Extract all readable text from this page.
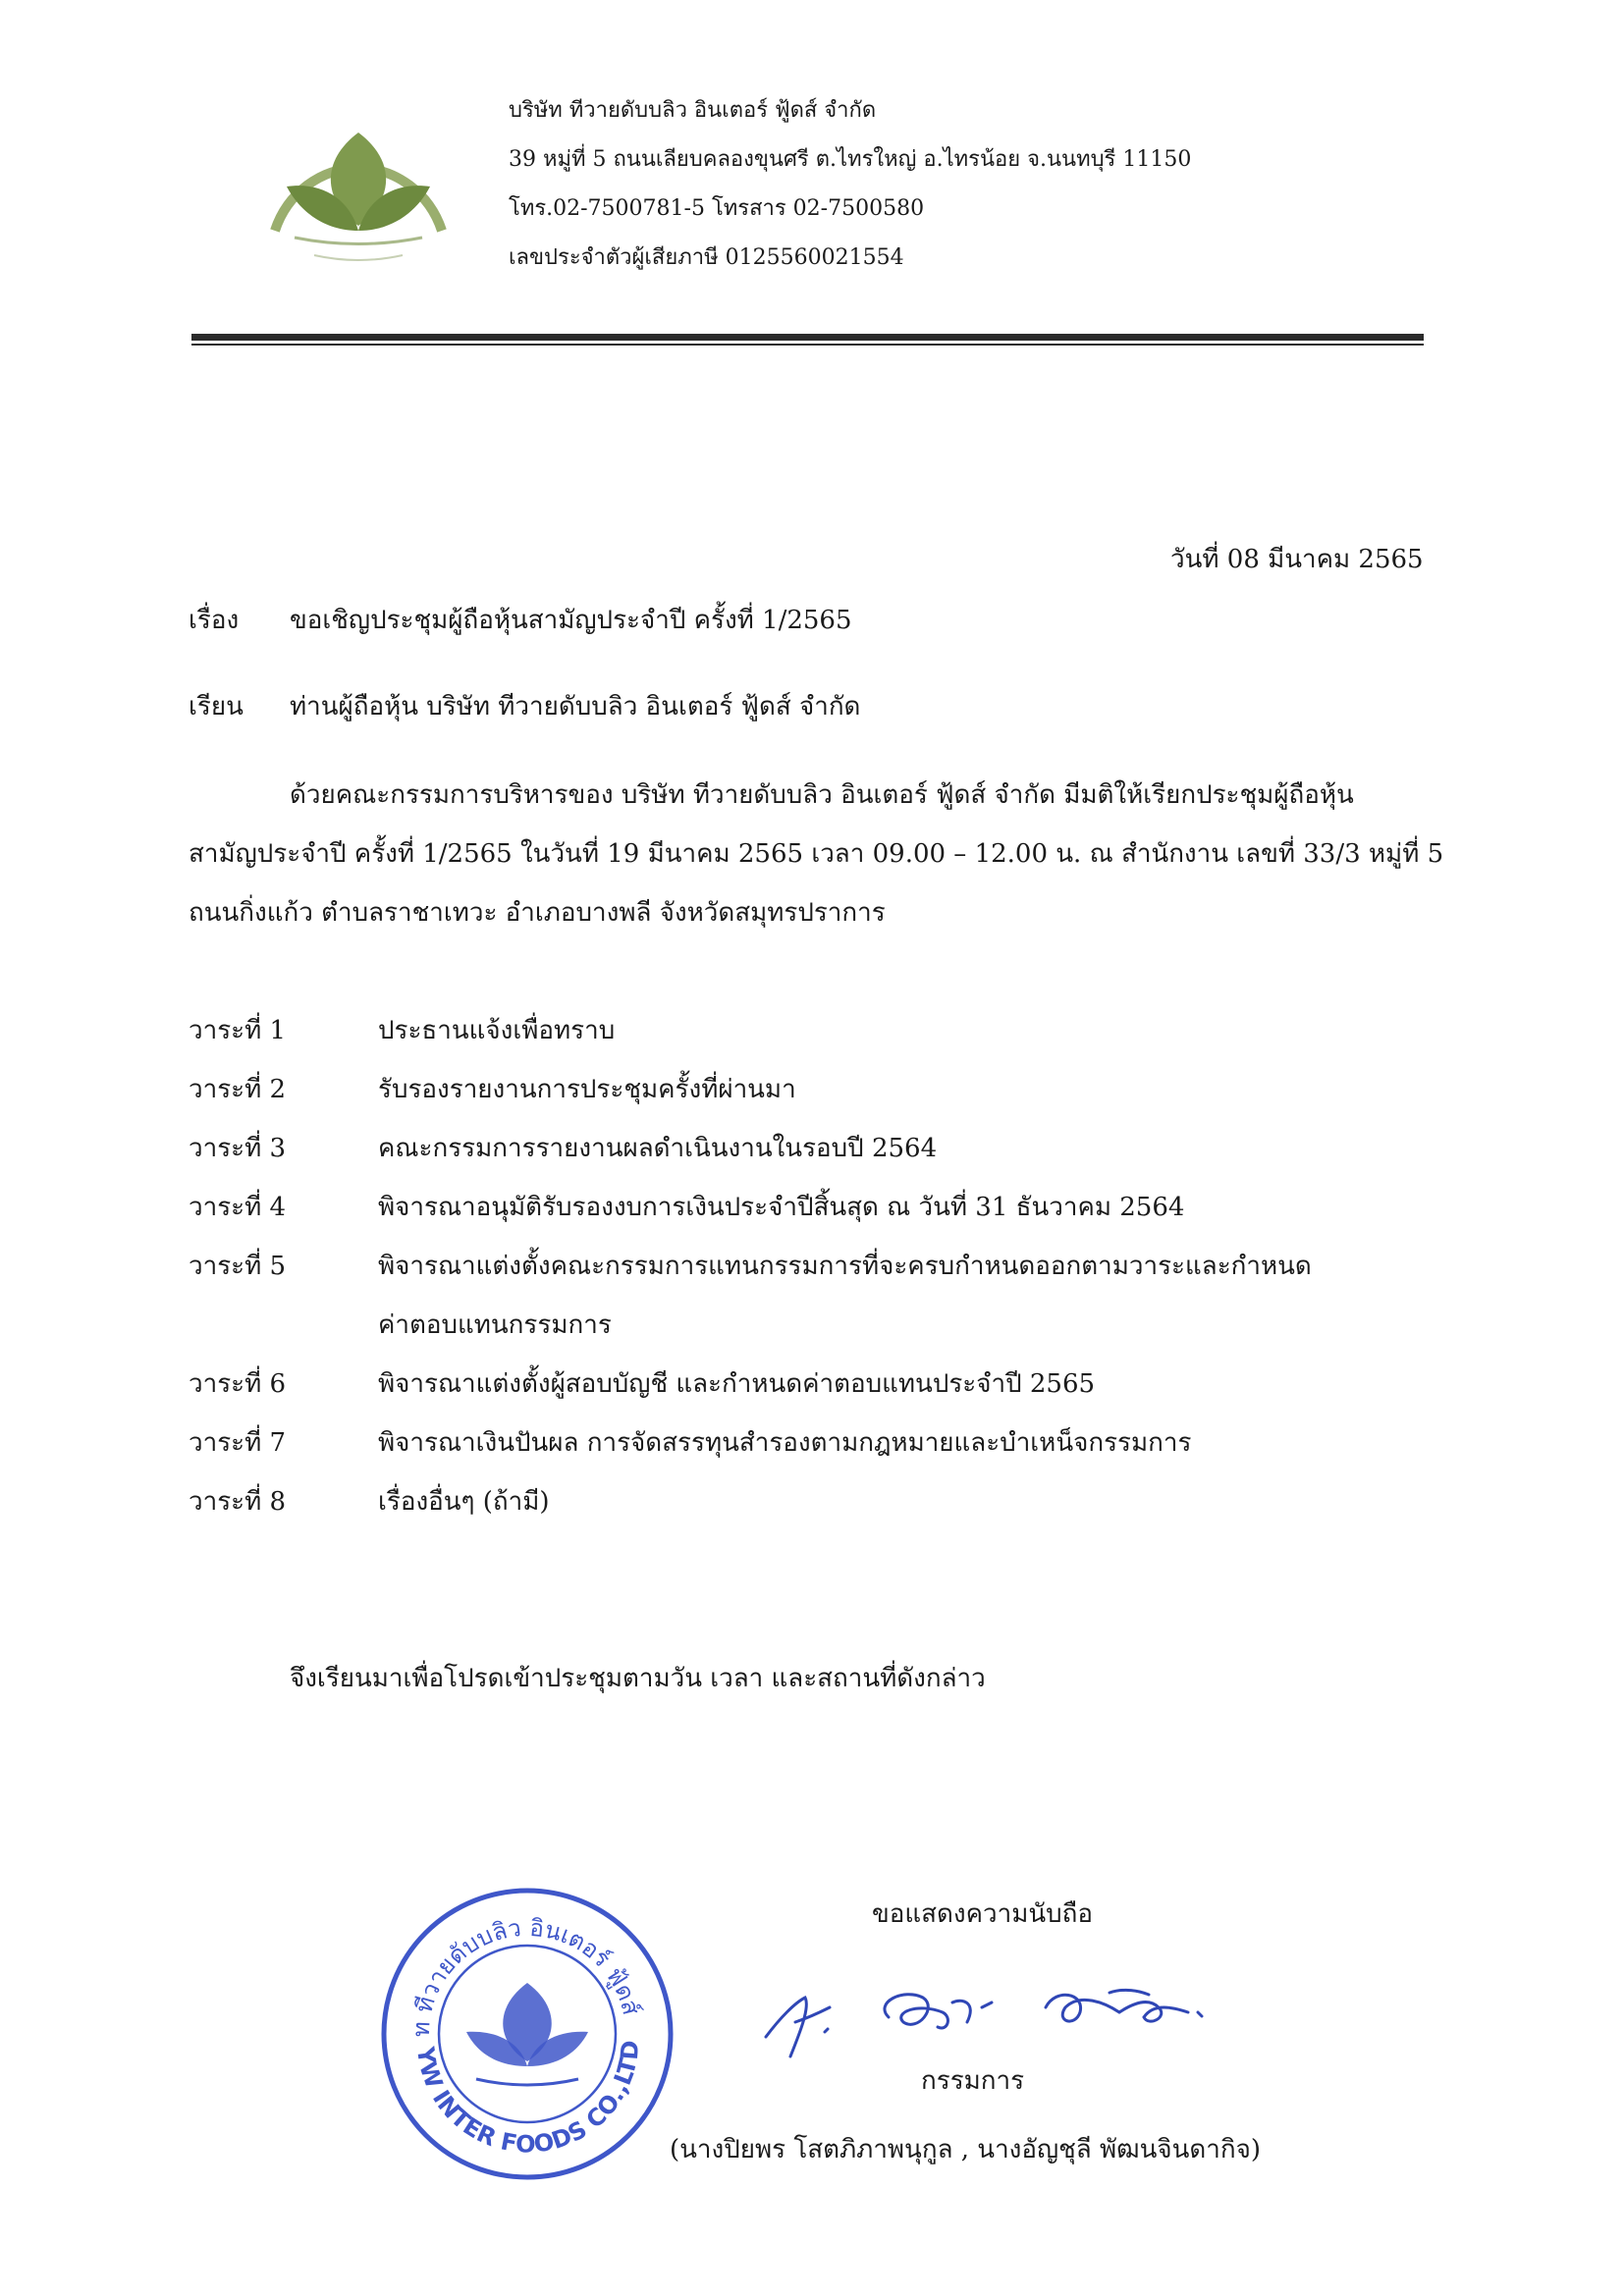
บริษัท ทีวายดับบลิว อินเตอร์ ฟู้ดส์ จำกัด
39 หมู่ที่ 5 ถนนเลียบคลองขุนศรี ต.ไทรใหญ่ อ.ไทรน้อย จ.นนทบุรี 11150
โทร.02-7500781-5 โทรสาร 02-7500580
เลขประจำตัวผู้เสียภาษี 0125560021554
วันที่ 08 มีนาคม 2565
เรื่อง ขอเชิญประชุมผู้ถือหุ้นสามัญประจำปี ครั้งที่ 1/2565
เรียน ท่านผู้ถือหุ้น บริษัท ทีวายดับบลิว อินเตอร์ ฟู้ดส์ จำกัด
ด้วยคณะกรรมการบริหารของ บริษัท ทีวายดับบลิว อินเตอร์ ฟู้ดส์ จำกัด มีมติให้เรียกประชุมผู้ถือหุ้น
สามัญประจำปี ครั้งที่ 1/2565 ในวันที่ 19 มีนาคม 2565 เวลา 09.00 – 12.00 น. ณ สำนักงาน เลขที่ 33/3 หมู่ที่ 5
ถนนกิ่งแก้ว ตำบลราชาเทวะ อำเภอบางพลี จังหวัดสมุทรปราการ
วาระที่ 1	ประธานแจ้งเพื่อทราบ
วาระที่ 2	รับรองรายงานการประชุมครั้งที่ผ่านมา
วาระที่ 3	คณะกรรมการรายงานผลดำเนินงานในรอบปี 2564
วาระที่ 4	พิจารณาอนุมัติรับรองงบการเงินประจำปีสิ้นสุด ณ วันที่ 31 ธันวาคม 2564
วาระที่ 5	พิจารณาแต่งตั้งคณะกรรมการแทนกรรมการที่จะครบกำหนดออกตามวาระและกำหนด
ค่าตอบแทนกรรมการ
วาระที่ 6	พิจารณาแต่งตั้งผู้สอบบัญชี และกำหนดค่าตอบแทนประจำปี 2565
วาระที่ 7	พิจารณาเงินปันผล การจัดสรรทุนสำรองตามกฎหมายและบำเหน็จกรรมการ
วาระที่ 8	เรื่องอื่นๆ (ถ้ามี)
จึงเรียนมาเพื่อโปรดเข้าประชุมตามวัน เวลา และสถานที่ดังกล่าว
ขอแสดงความนับถือ
ท ทีวายดับบลิว อินเตอร์ ฟู้ดส์
YW INTER FOODS CO.,LTD
กรรมการ
(นางปิยพร โสตภิภาพนุกูล , นางอัญชุลี พัฒนจินดากิจ)
